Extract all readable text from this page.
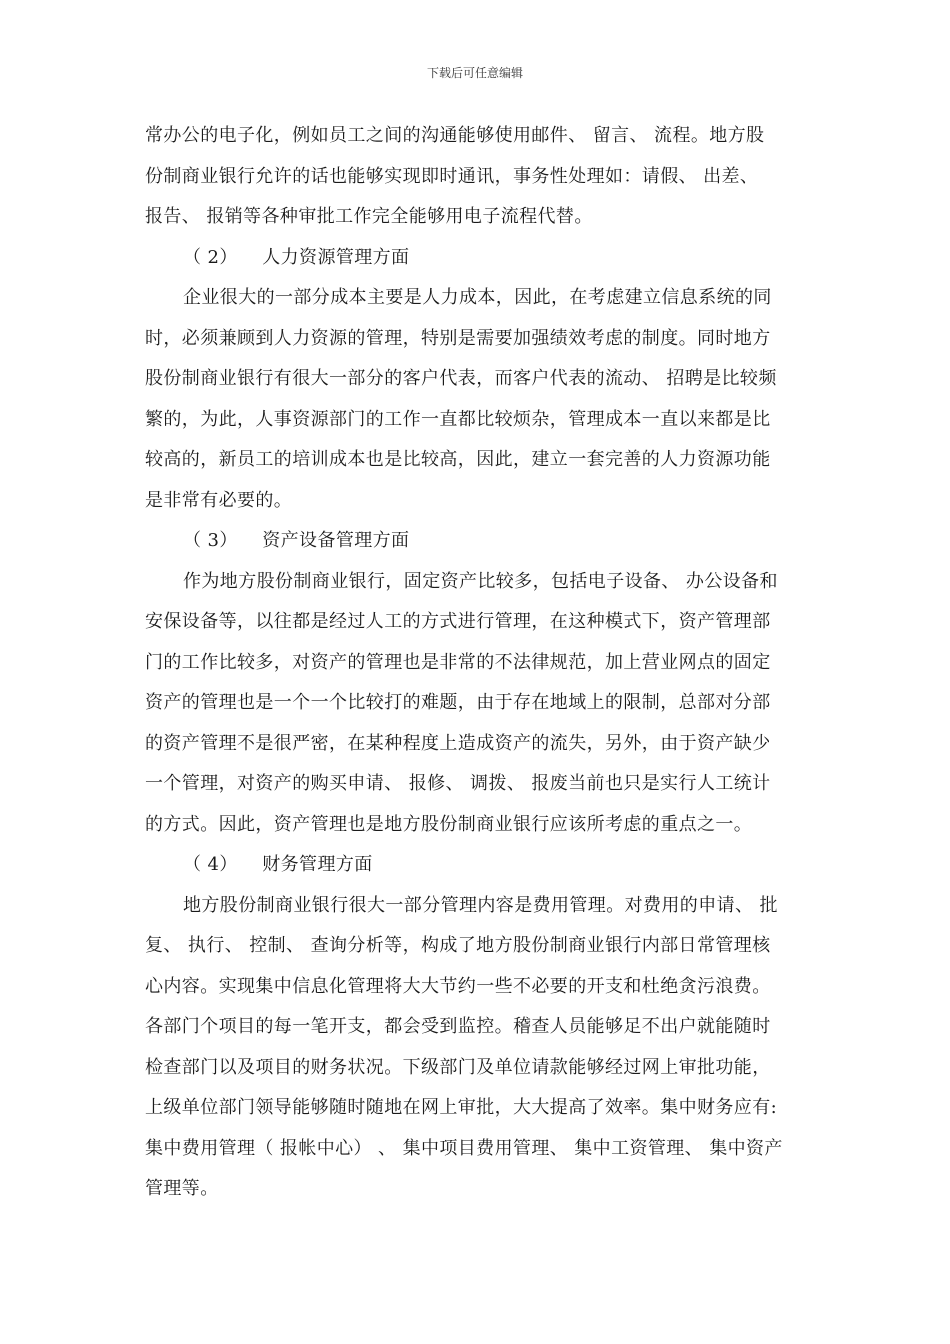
下载后可任意编辑
常办公的电子化，例如员工之间的沟通能够使用邮件、 留言、 流程。地方股
份制商业银行允许的话也能够实现即时通讯，事务性处理如：请假、 出差、
报告、 报销等各种审批工作完全能够用电子流程代替。
（ 2）    人力资源管理方面
企业很大的一部分成本主要是人力成本，因此，在考虑建立信息系统的同
时，必须兼顾到人力资源的管理，特别是需要加强绩效考虑的制度。同时地方
股份制商业银行有很大一部分的客户代表，而客户代表的流动、 招聘是比较频
繁的，为此，人事资源部门的工作一直都比较烦杂，管理成本一直以来都是比
较高的，新员工的培训成本也是比较高，因此，建立一套完善的人力资源功能
是非常有必要的。
（ 3）    资产设备管理方面
作为地方股份制商业银行，固定资产比较多，包括电子设备、 办公设备和
安保设备等，以往都是经过人工的方式进行管理，在这种模式下，资产管理部
门的工作比较多，对资产的管理也是非常的不法律规范，加上营业网点的固定
资产的管理也是一个一个比较打的难题，由于存在地域上的限制，总部对分部
的资产管理不是很严密，在某种程度上造成资产的流失，另外，由于资产缺少
一个管理，对资产的购买申请、 报修、 调拨、 报废当前也只是实行人工统计
的方式。因此，资产管理也是地方股份制商业银行应该所考虑的重点之一。
（ 4）    财务管理方面
地方股份制商业银行很大一部分管理内容是费用管理。对费用的申请、 批
复、 执行、 控制、 查询分析等，构成了地方股份制商业银行内部日常管理核
心内容。实现集中信息化管理将大大节约一些不必要的开支和杜绝贪污浪费。
各部门个项目的每一笔开支，都会受到监控。稽查人员能够足不出户就能随时
检查部门以及项目的财务状况。下级部门及单位请款能够经过网上审批功能，
上级单位部门领导能够随时随地在网上审批，大大提高了效率。集中财务应有:
集中费用管理（ 报帐中心） 、 集中项目费用管理、 集中工资管理、 集中资产
管理等。
